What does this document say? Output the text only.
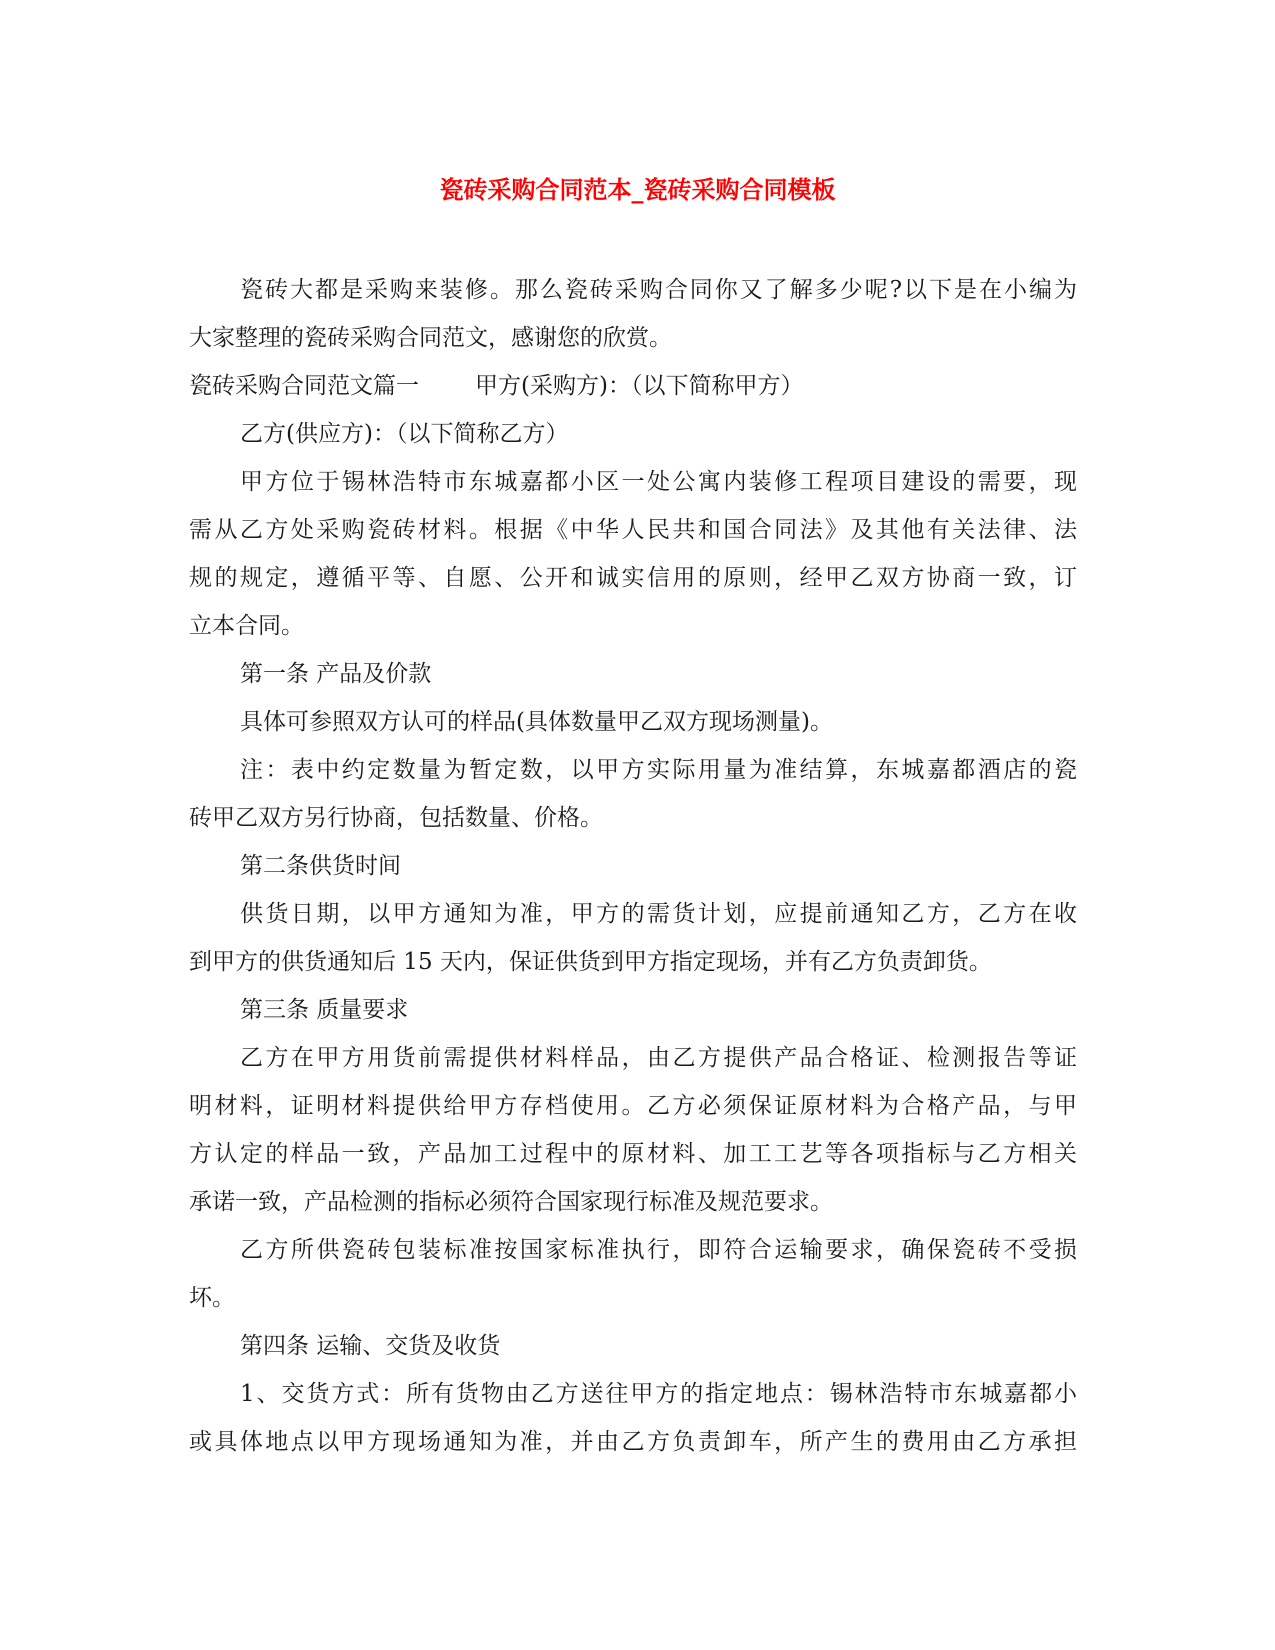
瓷砖采购合同范本_瓷砖采购合同模板
瓷砖大都是采购来装修。那么瓷砖采购合同你又了解多少呢?以下是在小编为
大家整理的瓷砖采购合同范文，感谢您的欣赏。
瓷砖采购合同范文篇一 甲方(采购方)：（以下简称甲方）
乙方(供应方)：（以下简称乙方）
甲方位于锡林浩特市东城嘉都小区一处公寓内装修工程项目建设的需要，现
需从乙方处采购瓷砖材料。根据《中华人民共和国合同法》及其他有关法律、法
规的规定，遵循平等、自愿、公开和诚实信用的原则，经甲乙双方协商一致，订
立本合同。
第一条 产品及价款
具体可参照双方认可的样品(具体数量甲乙双方现场测量)。
注：表中约定数量为暂定数，以甲方实际用量为准结算，东城嘉都酒店的瓷
砖甲乙双方另行协商，包括数量、价格。
第二条供货时间
供货日期，以甲方通知为准，甲方的需货计划，应提前通知乙方，乙方在收
到甲方的供货通知后 15 天内，保证供货到甲方指定现场，并有乙方负责卸货。
第三条 质量要求
乙方在甲方用货前需提供材料样品，由乙方提供产品合格证、检测报告等证
明材料，证明材料提供给甲方存档使用。乙方必须保证原材料为合格产品，与甲
方认定的样品一致，产品加工过程中的原材料、加工工艺等各项指标与乙方相关
承诺一致，产品检测的指标必须符合国家现行标准及规范要求。
乙方所供瓷砖包装标准按国家标准执行，即符合运输要求，确保瓷砖不受损
坏。
第四条 运输、交货及收货
1、交货方式：所有货物由乙方送往甲方的指定地点：锡林浩特市东城嘉都小
或具体地点以甲方现场通知为准，并由乙方负责卸车，所产生的费用由乙方承担
